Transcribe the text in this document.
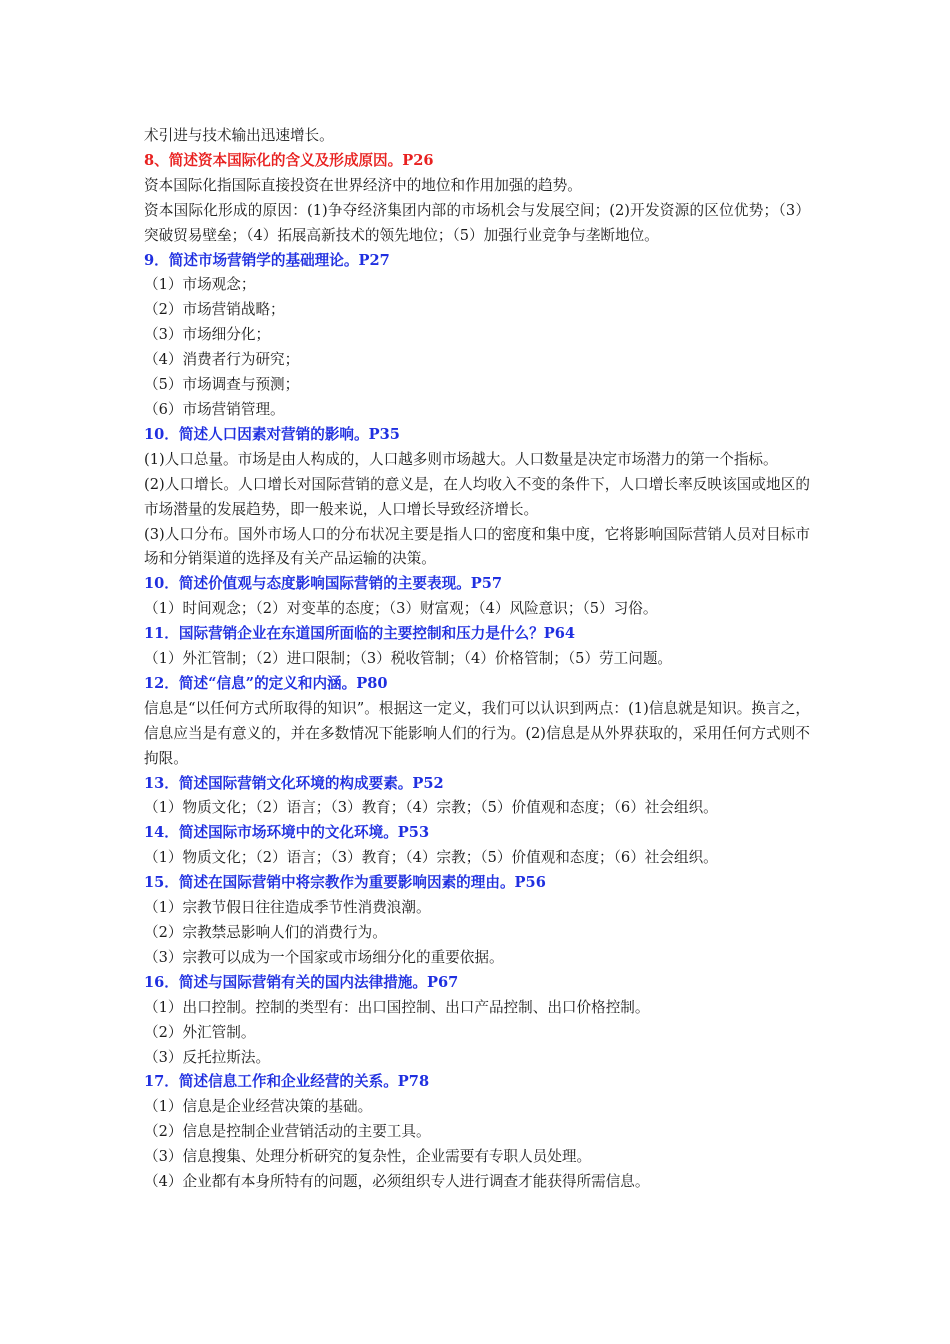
术引进与技术输出迅速增长。
8、简述资本国际化的含义及形成原因。P26
资本国际化指国际直接投资在世界经济中的地位和作用加强的趋势。
资本国际化形成的原因：(1)争夺经济集团内部的市场机会与发展空间；(2)开发资源的区位优势；（3）突破贸易壁垒；（4）拓展高新技术的领先地位；（5）加强行业竞争与垄断地位。
9．简述市场营销学的基础理论。P27
（1）市场观念；
（2）市场营销战略；
（3）市场细分化；
（4）消费者行为研究；
（5）市场调查与预测；
（6）市场营销管理。
10．简述人口因素对营销的影响。P35
(1)人口总量。市场是由人构成的，人口越多则市场越大。人口数量是决定市场潜力的第一个指标。
(2)人口增长。人口增长对国际营销的意义是，在人均收入不变的条件下，人口增长率反映该国或地区的市场潜量的发展趋势，即一般来说，人口增长导致经济增长。
(3)人口分布。国外市场人口的分布状况主要是指人口的密度和集中度，它将影响国际营销人员对目标市场和分销渠道的选择及有关产品运输的决策。
10．简述价值观与态度影响国际营销的主要表现。P57
（1）时间观念；（2）对变革的态度；（3）财富观；（4）风险意识；（5）习俗。
11．国际营销企业在东道国所面临的主要控制和压力是什么？P64
（1）外汇管制；（2）进口限制；（3）税收管制；（4）价格管制；（5）劳工问题。
12．简述“信息”的定义和内涵。P80
信息是“以任何方式所取得的知识”。根据这一定义，我们可以认识到两点：(1)信息就是知识。换言之，信息应当是有意义的，并在多数情况下能影响人们的行为。(2)信息是从外界获取的，采用任何方式则不拘限。
13．简述国际营销文化环境的构成要素。P52
（1）物质文化；（2）语言；（3）教育；（4）宗教；（5）价值观和态度；（6）社会组织。
14．简述国际市场环境中的文化环境。P53
（1）物质文化；（2）语言；（3）教育；（4）宗教；（5）价值观和态度；（6）社会组织。
15．简述在国际营销中将宗教作为重要影响因素的理由。P56
（1）宗教节假日往往造成季节性消费浪潮。
（2）宗教禁忌影响人们的消费行为。
（3）宗教可以成为一个国家或市场细分化的重要依据。
16．简述与国际营销有关的国内法律措施。P67
（1）出口控制。控制的类型有：出口国控制、出口产品控制、出口价格控制。
（2）外汇管制。
（3）反托拉斯法。
17．简述信息工作和企业经营的关系。P78
（1）信息是企业经营决策的基础。
（2）信息是控制企业营销活动的主要工具。
（3）信息搜集、处理分析研究的复杂性，企业需要有专职人员处理。
（4）企业都有本身所特有的问题，必须组织专人进行调查才能获得所需信息。
